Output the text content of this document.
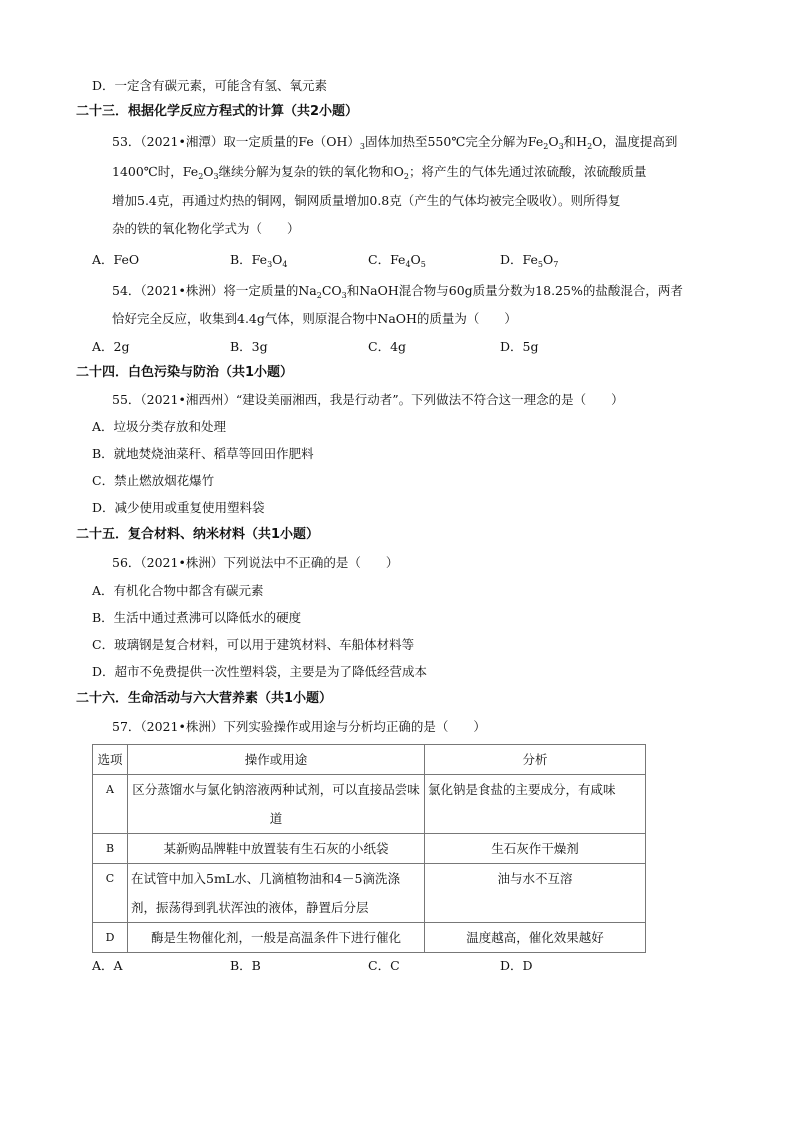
D．一定含有碳元素，可能含有氢、氧元素
二十三．根据化学反应方程式的计算（共2小题）
53．（2021•湘潭）取一定质量的$Fe(OH)_3$固体加热至550℃完全分解为$Fe_2O_3$和$H_2O$，温度提高到
1400℃时，$Fe_2O_3$继续分解为复杂的铁的氧化物和$O_2$；将产生的气体先通过浓硫酸，浓硫酸质量
增加5.4克，再通过灼热的铜网，铜网质量增加0.8克（产生的气体均被完全吸收）。则所得复
杂的铁的氧化物化学式为（　　）
A．FeO	B．$Fe_3O_4$	C．$Fe_4O_5$	D．$Fe_5O_7$
54．（2021•株洲）将一定质量的$Na_2CO_3$和NaOH混合物与60g质量分数为18.25%的盐酸混合，两者
恰好完全反应，收集到4.4g气体，则原混合物中NaOH的质量为（　　）
A．2g	B．3g	C．4g	D．5g
二十四．白色污染与防治（共1小题）
55．（2021•湘西州）“建设美丽湘西，我是行动者”。下列做法不符合这一理念的是（　　）
A．垃圾分类存放和处理
B．就地焚烧油菜秆、稻草等回田作肥料
C．禁止燃放烟花爆竹
D．减少使用或重复使用塑料袋
二十五．复合材料、纳米材料（共1小题）
56．（2021•株洲）下列说法中不正确的是（　　）
A．有机化合物中都含有碳元素
B．生活中通过煮沸可以降低水的硬度
C．玻璃钢是复合材料，可以用于建筑材料、车船体材料等
D．超市不免费提供一次性塑料袋，主要是为了降低经营成本
二十六．生命活动与六大营养素（共1小题）
57．（2021•株洲）下列实验操作或用途与分析均正确的是（　　）
选项	操作或用途	分析
A	区分蒸馏水与氯化钠溶液两种试剂，可以直接品尝味道	氯化钠是食盐的主要成分，有咸味
B	某新购品牌鞋中放置装有生石灰的小纸袋	生石灰作干燥剂
C	在试管中加入5mL水、几滴植物油和4－5滴洗涤剂，振荡得到乳状浑浊的液体，静置后分层	油与水不互溶
D	酶是生物催化剂，一般是高温条件下进行催化	温度越高，催化效果越好
A．A	B．B	C．C	D．D
